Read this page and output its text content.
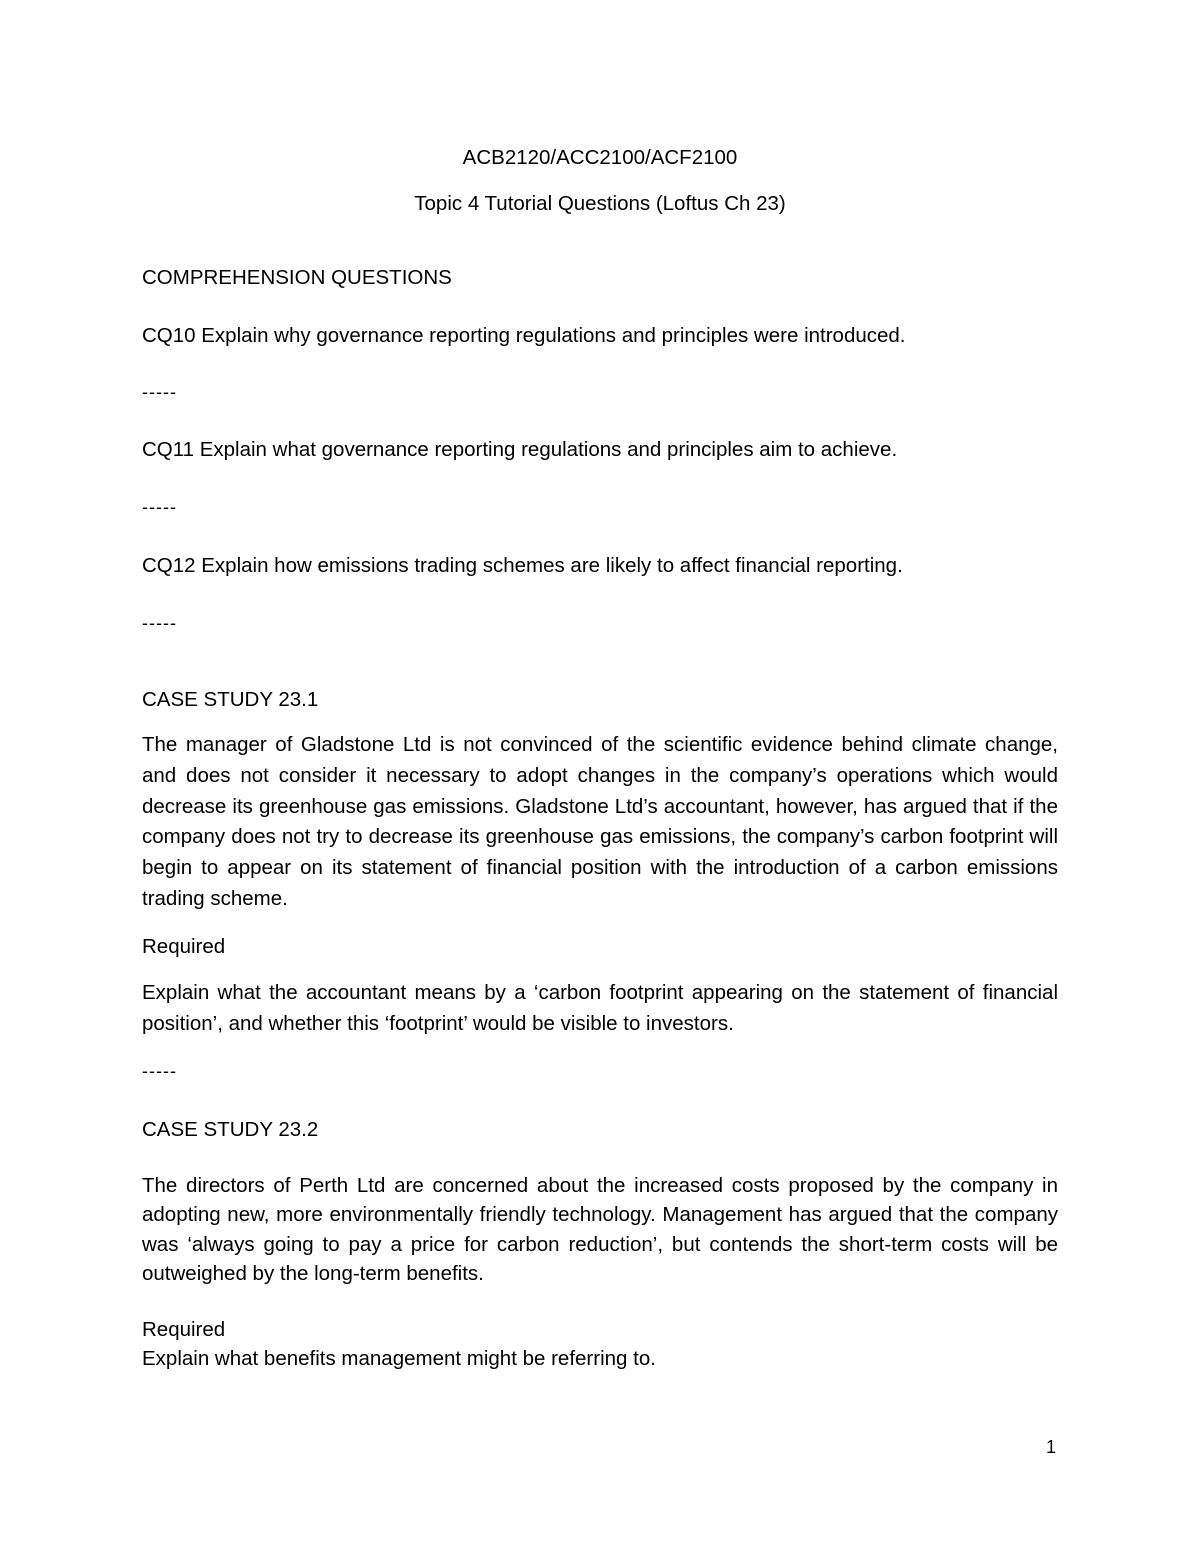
ACB2120/ACC2100/ACF2100
Topic 4 Tutorial Questions (Loftus Ch 23)
COMPREHENSION QUESTIONS
CQ10 Explain why governance reporting regulations and principles were introduced.
-----
CQ11 Explain what governance reporting regulations and principles aim to achieve.
-----
CQ12 Explain how emissions trading schemes are likely to affect financial reporting.
-----
CASE STUDY 23.1
The manager of Gladstone Ltd is not convinced of the scientific evidence behind climate change, and does not consider it necessary to adopt changes in the company’s operations which would decrease its greenhouse gas emissions. Gladstone Ltd’s accountant, however, has argued that if the company does not try to decrease its greenhouse gas emissions, the company’s carbon footprint will begin to appear on its statement of financial position with the introduction of a carbon emissions trading scheme.
Required
Explain what the accountant means by a ‘carbon footprint appearing on the statement of financial position’, and whether this ‘footprint’ would be visible to investors.
-----
CASE STUDY 23.2
The directors of Perth Ltd are concerned about the increased costs proposed by the company in adopting new, more environmentally friendly technology. Management has argued that the company was ‘always going to pay a price for carbon reduction’, but contends the short-term costs will be outweighed by the long-term benefits.
Required
Explain what benefits management might be referring to.
1
